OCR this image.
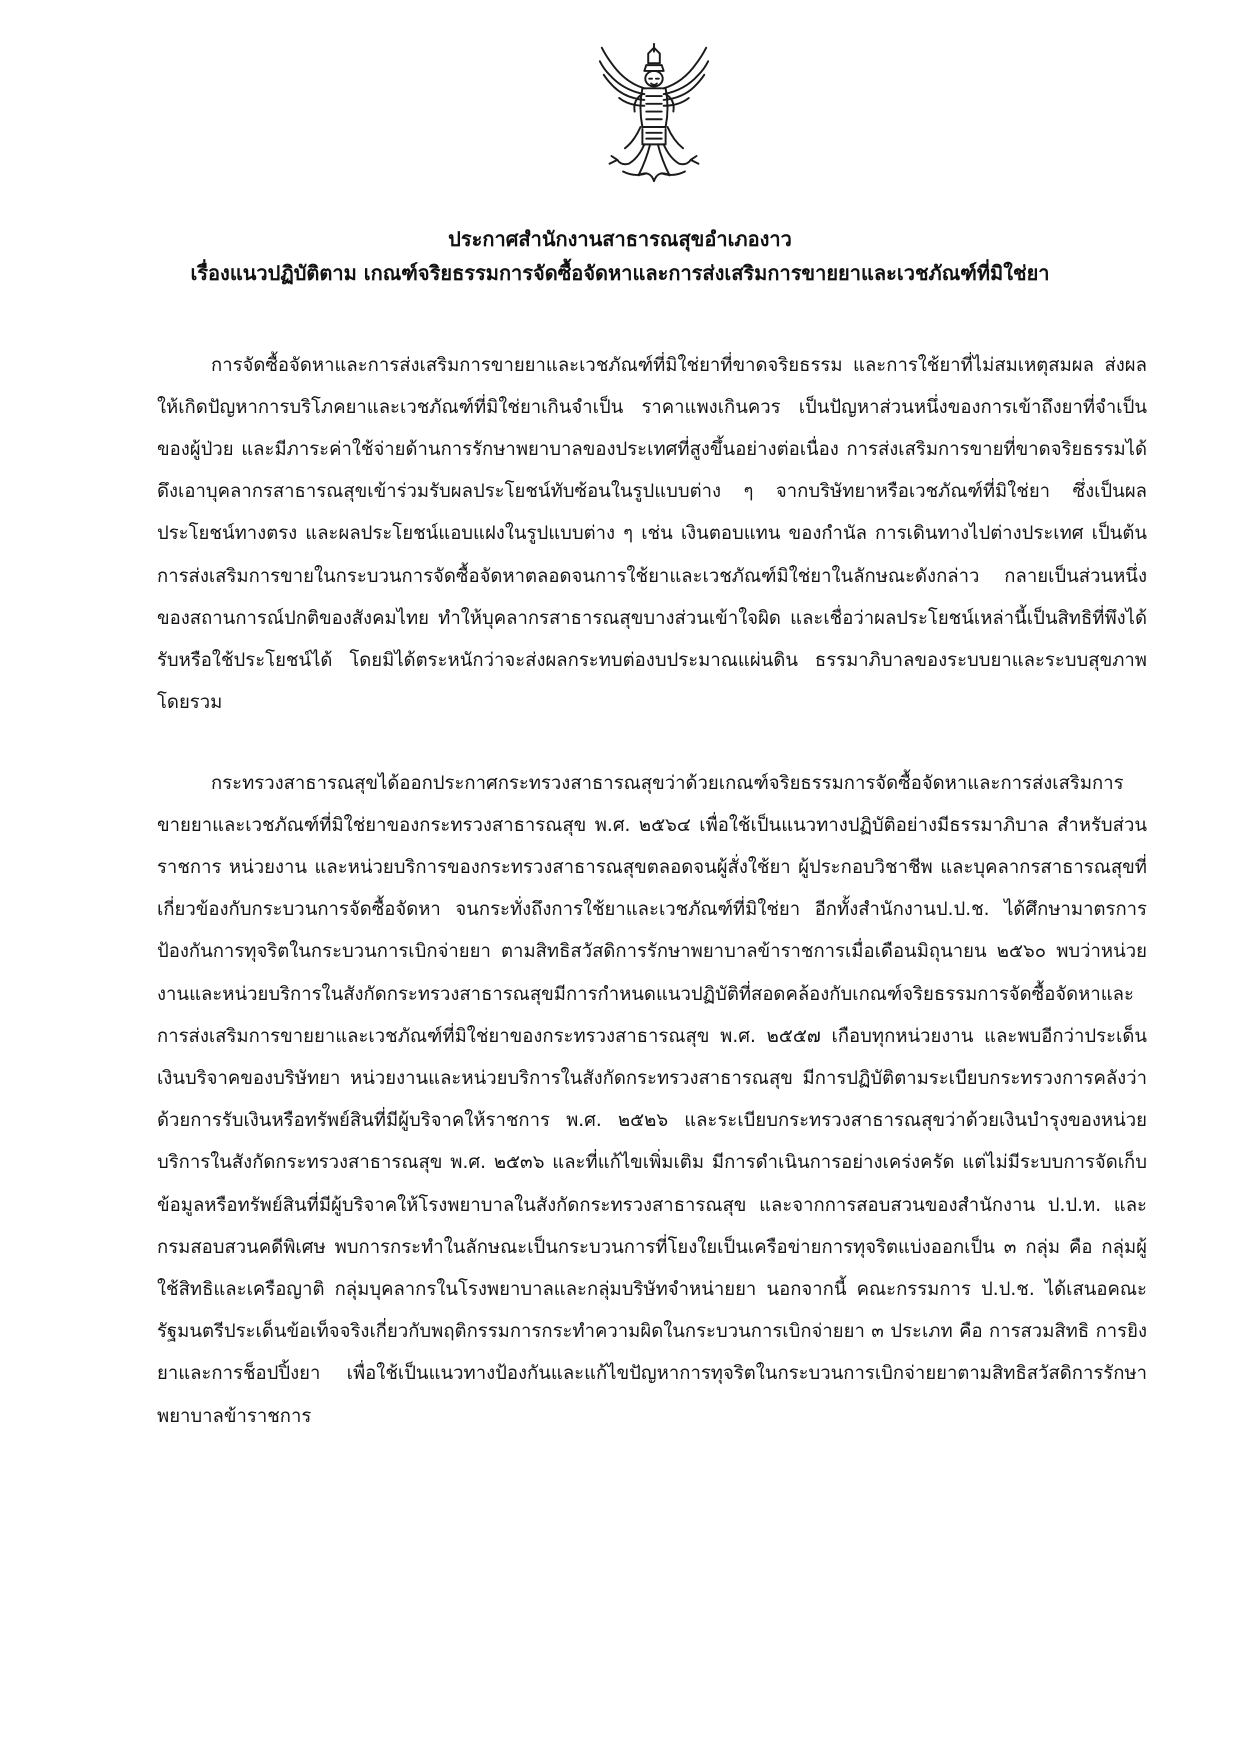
ประกาศสำนักงานสาธารณสุขอำเภองาว
เรื่องแนวปฏิบัติตาม เกณฑ์จริยธรรมการจัดซื้อจัดหาและการส่งเสริมการขายยาและเวชภัณฑ์ที่มิใช่ยา

การจัดซื้อจัดหาและการส่งเสริมการขายยาและเวชภัณฑ์ที่มิใช่ยาที่ขาดจริยธรรม และการใช้ยาที่ไม่สมเหตุสมผล ส่งผลให้เกิดปัญหาการบริโภคยาและเวชภัณฑ์ที่มิใช่ยาเกินจำเป็น ราคาแพงเกินควร เป็นปัญหาส่วนหนึ่งของการเข้าถึงยาที่จำเป็นของผู้ป่วย และมีภาระค่าใช้จ่ายด้านการรักษาพยาบาลของประเทศที่สูงขึ้นอย่างต่อเนื่อง การส่งเสริมการขายที่ขาดจริยธรรมได้ดึงเอาบุคลากรสาธารณสุขเข้าร่วมรับผลประโยชน์ทับซ้อนในรูปแบบต่าง ๆ จากบริษัทยาหรือเวชภัณฑ์ที่มิใช่ยา ซึ่งเป็นผลประโยชน์ทางตรง และผลประโยชน์แอบแฝงในรูปแบบต่าง ๆ เช่น เงินตอบแทน ของกำนัล การเดินทางไปต่างประเทศ เป็นต้น การส่งเสริมการขายในกระบวนการจัดซื้อจัดหาตลอดจนการใช้ยาและเวชภัณฑ์มิใช่ยาในลักษณะดังกล่าว กลายเป็นส่วนหนึ่งของสถานการณ์ปกติของสังคมไทย ทำให้บุคลากรสาธารณสุขบางส่วนเข้าใจผิด และเชื่อว่าผลประโยชน์เหล่านี้เป็นสิทธิที่พึงได้รับหรือใช้ประโยชน์ได้ โดยมิได้ตระหนักว่าจะส่งผลกระทบต่องบประมาณแผ่นดิน ธรรมาภิบาลของระบบยาและระบบสุขภาพโดยรวม

กระทรวงสาธารณสุขได้ออกประกาศกระทรวงสาธารณสุขว่าด้วยเกณฑ์จริยธรรมการจัดซื้อจัดหาและการส่งเสริมการขายยาและเวชภัณฑ์ที่มิใช่ยาของกระทรวงสาธารณสุข พ.ศ. ๒๕๖๔ เพื่อใช้เป็นแนวทางปฏิบัติอย่างมีธรรมาภิบาล สำหรับส่วนราชการ หน่วยงาน และหน่วยบริการของกระทรวงสาธารณสุขตลอดจนผู้สั่งใช้ยา ผู้ประกอบวิชาชีพ และบุคลากรสาธารณสุขที่เกี่ยวข้องกับกระบวนการจัดซื้อจัดหา จนกระทั่งถึงการใช้ยาและเวชภัณฑ์ที่มิใช่ยา อีกทั้งสำนักงานป.ป.ช. ได้ศึกษามาตรการป้องกันการทุจริตในกระบวนการเบิกจ่ายยา ตามสิทธิสวัสดิการรักษาพยาบาลข้าราชการเมื่อเดือนมิถุนายน ๒๕๖๐ พบว่าหน่วยงานและหน่วยบริการในสังกัดกระทรวงสาธารณสุขมีการกำหนดแนวปฏิบัติที่สอดคล้องกับเกณฑ์จริยธรรมการจัดซื้อจัดหาและการส่งเสริมการขายยาและเวชภัณฑ์ที่มิใช่ยาของกระทรวงสาธารณสุข พ.ศ. ๒๕๕๗ เกือบทุกหน่วยงาน และพบอีกว่าประเด็นเงินบริจาคของบริษัทยา หน่วยงานและหน่วยบริการในสังกัดกระทรวงสาธารณสุข มีการปฏิบัติตามระเบียบกระทรวงการคลังว่าด้วยการรับเงินหรือทรัพย์สินที่มีผู้บริจาคให้ราชการ พ.ศ. ๒๕๒๖ และระเบียบกระทรวงสาธารณสุขว่าด้วยเงินบำรุงของหน่วยบริการในสังกัดกระทรวงสาธารณสุข พ.ศ. ๒๕๓๖ และที่แก้ไขเพิ่มเติม มีการดำเนินการอย่างเคร่งครัด แต่ไม่มีระบบการจัดเก็บข้อมูลหรือทรัพย์สินที่มีผู้บริจาคให้โรงพยาบาลในสังกัดกระทรวงสาธารณสุข และจากการสอบสวนของสำนักงาน ป.ป.ท. และกรมสอบสวนคดีพิเศษ พบการกระทำในลักษณะเป็นกระบวนการที่โยงใยเป็นเครือข่ายการทุจริตแบ่งออกเป็น ๓ กลุ่ม คือ กลุ่มผู้ใช้สิทธิและเครือญาติ กลุ่มบุคลากรในโรงพยาบาลและกลุ่มบริษัทจำหน่ายยา นอกจากนี้ คณะกรรมการ ป.ป.ช. ได้เสนอคณะรัฐมนตรีประเด็นข้อเท็จจริงเกี่ยวกับพฤติกรรมการกระทำความผิดในกระบวนการเบิกจ่ายยา ๓ ประเภท คือ การสวมสิทธิ การยิงยาและการช็อปปิ้งยา เพื่อใช้เป็นแนวทางป้องกันและแก้ไขปัญหาการทุจริตในกระบวนการเบิกจ่ายยาตามสิทธิสวัสดิการรักษาพยาบาลข้าราชการ
